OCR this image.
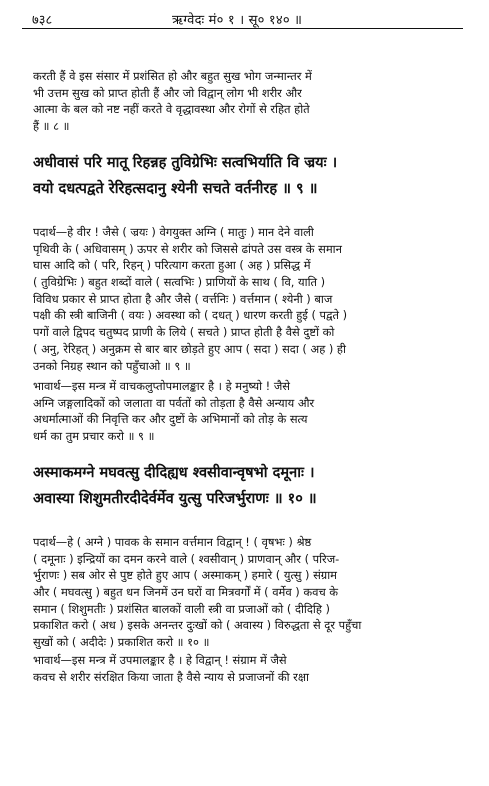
७३८	ऋग्वेदः मं० १ । सू० १४० ॥
करती हैं वे इस संसार में प्रशंसित हो और बहुत सुख भोग जन्मान्तर में
भी उत्तम सुख को प्राप्त होती हैं और जो विद्वान् लोग भी शरीर और
आत्मा के बल को नष्ट नहीं करते वे वृद्धावस्था और रोगों से रहित होते
हैं ॥ ८ ॥
अधीवासं परि मातू रिहन्नह तुविग्रेभिः सत्वभिर्याति वि ज्रयः ।
वयो दधत्पद्वते रेरिहत्सदानु श्येनी सचते वर्तनीरह ॥ ९ ॥
पदार्थ—हे वीर ! जैसे ( ज्रयः ) वेगयुक्त अग्नि ( मातुः ) मान देने वाली
पृथिवी के ( अधिवासम् ) ऊपर से शरीर को जिससे ढांपते उस वस्त्र के समान
घास आदि को ( परि, रिहन् ) परित्याग करता हुआ ( अह ) प्रसिद्ध में
( तुविग्रेभिः ) बहुत शब्दों वाले ( सत्वभिः ) प्राणियों के साथ ( वि, याति )
विविध प्रकार से प्राप्त होता है और जैसे ( वर्त्तनिः ) वर्त्तमान ( श्येनी ) बाज
पक्षी की स्त्री बाजिनी ( वयः ) अवस्था को ( दधत् ) धारण करती हुई ( पद्वते )
पगों वाले द्विपद चतुष्पद प्राणी के लिये ( सचते ) प्राप्त होती है वैसे दुष्टों को
( अनु, रेरिहत् ) अनुक्रम से बार बार छोड़ते हुए आप ( सदा ) सदा ( अह ) ही
उनको निग्रह स्थान को पहुँचाओ ॥ ९ ॥
भावार्थ—इस मन्त्र में वाचकलुप्तोपमालङ्कार है । हे मनुष्यो ! जैसे
अग्नि जङ्गलादिकों को जलाता वा पर्वतों को तोड़ता है वैसे अन्याय और
अधर्मात्माओं की निवृत्ति कर और दुष्टों के अभिमानों को तोड़ के सत्य
धर्म का तुम प्रचार करो ॥ ९ ॥
अस्माकमग्ने मघवत्सु दीदिह्यध श्वसीवान्वृषभो दमूनाः ।
अवास्या शिशुमतीरदीदेर्वर्मेव युत्सु परिजर्भुराणः ॥ १० ॥
पदार्थ—हे ( अग्ने ) पावक के समान वर्त्तमान विद्वान् ! ( वृषभः ) श्रेष्ठ
( दमूनाः ) इन्द्रियों का दमन करने वाले ( श्वसीवान् ) प्राणवान् और ( परिज-
र्भुराणः ) सब ओर से पुष्ट होते हुए आप ( अस्माकम् ) हमारे ( युत्सु ) संग्राम
और ( मघवत्सु ) बहुत धन जिनमें उन घरों वा मित्रवर्गों में ( वर्मेव ) कवच के
समान ( शिशुमतीः ) प्रशंसित बालकों वाली स्त्री वा प्रजाओं को ( दीदिहि )
प्रकाशित करो ( अध ) इसके अनन्तर दुःखों को ( अवास्य ) विरुद्धता से दूर पहुँचा
सुखों को ( अदीदेः ) प्रकाशित करो ॥ १० ॥
भावार्थ—इस मन्त्र में उपमालङ्कार है । हे विद्वान् ! संग्राम में जैसे
कवच से शरीर संरक्षित किया जाता है वैसे न्याय से प्रजाजनों की रक्षा
